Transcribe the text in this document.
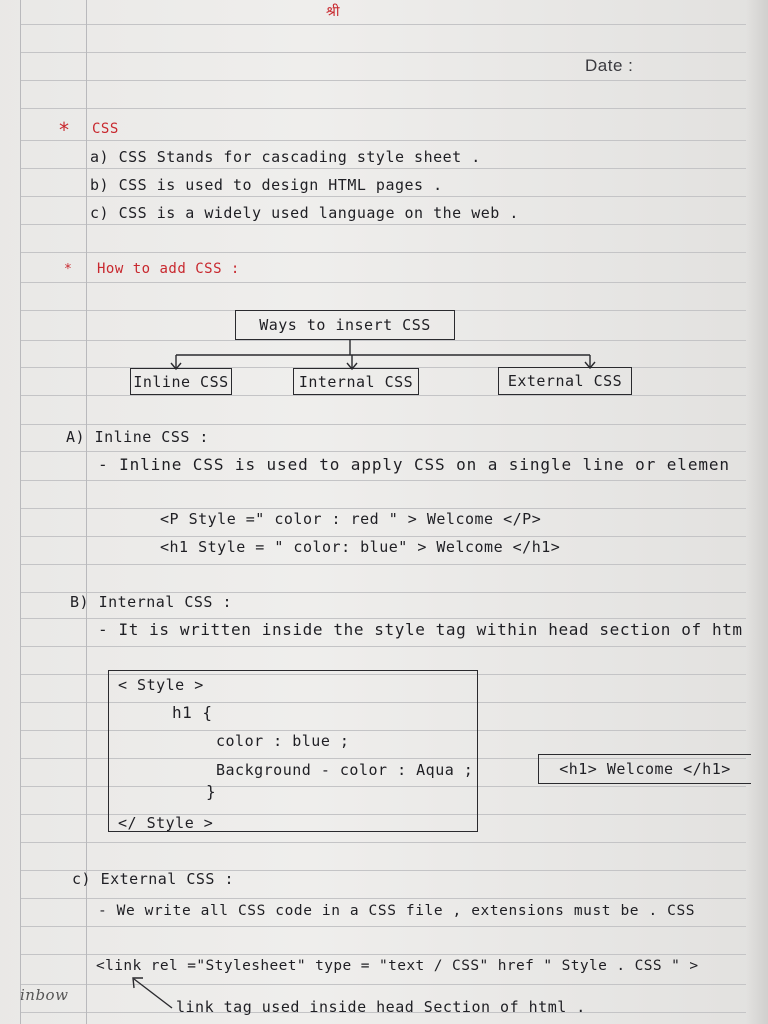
श्री
Date :
* CSS
a) CSS Stands for cascading style sheet .
b) CSS is used to design HTML pages .
c) CSS is a widely used language on the web .
* How to add CSS :
Ways to insert CSS
Inline CSS	Internal CSS	External CSS
A) Inline CSS :
- Inline CSS is used to apply CSS on a single line or elemen
<P Style =" color : red " > Welcome </P>
<h1 Style = " color: blue" > Welcome </h1>
B) Internal CSS :
- It is written inside the style tag within head section of htm
< Style >
h1 {
color : blue ;
Background - color : Aqua ;
}
</ Style >
<h1> Welcome </h1>
c) External CSS :
- We write all CSS code in a CSS file , extensions must be . CSS
<link rel ="Stylesheet" type = "text / CSS" href " Style . CSS " >
link tag used inside head Section of html .
inbow
